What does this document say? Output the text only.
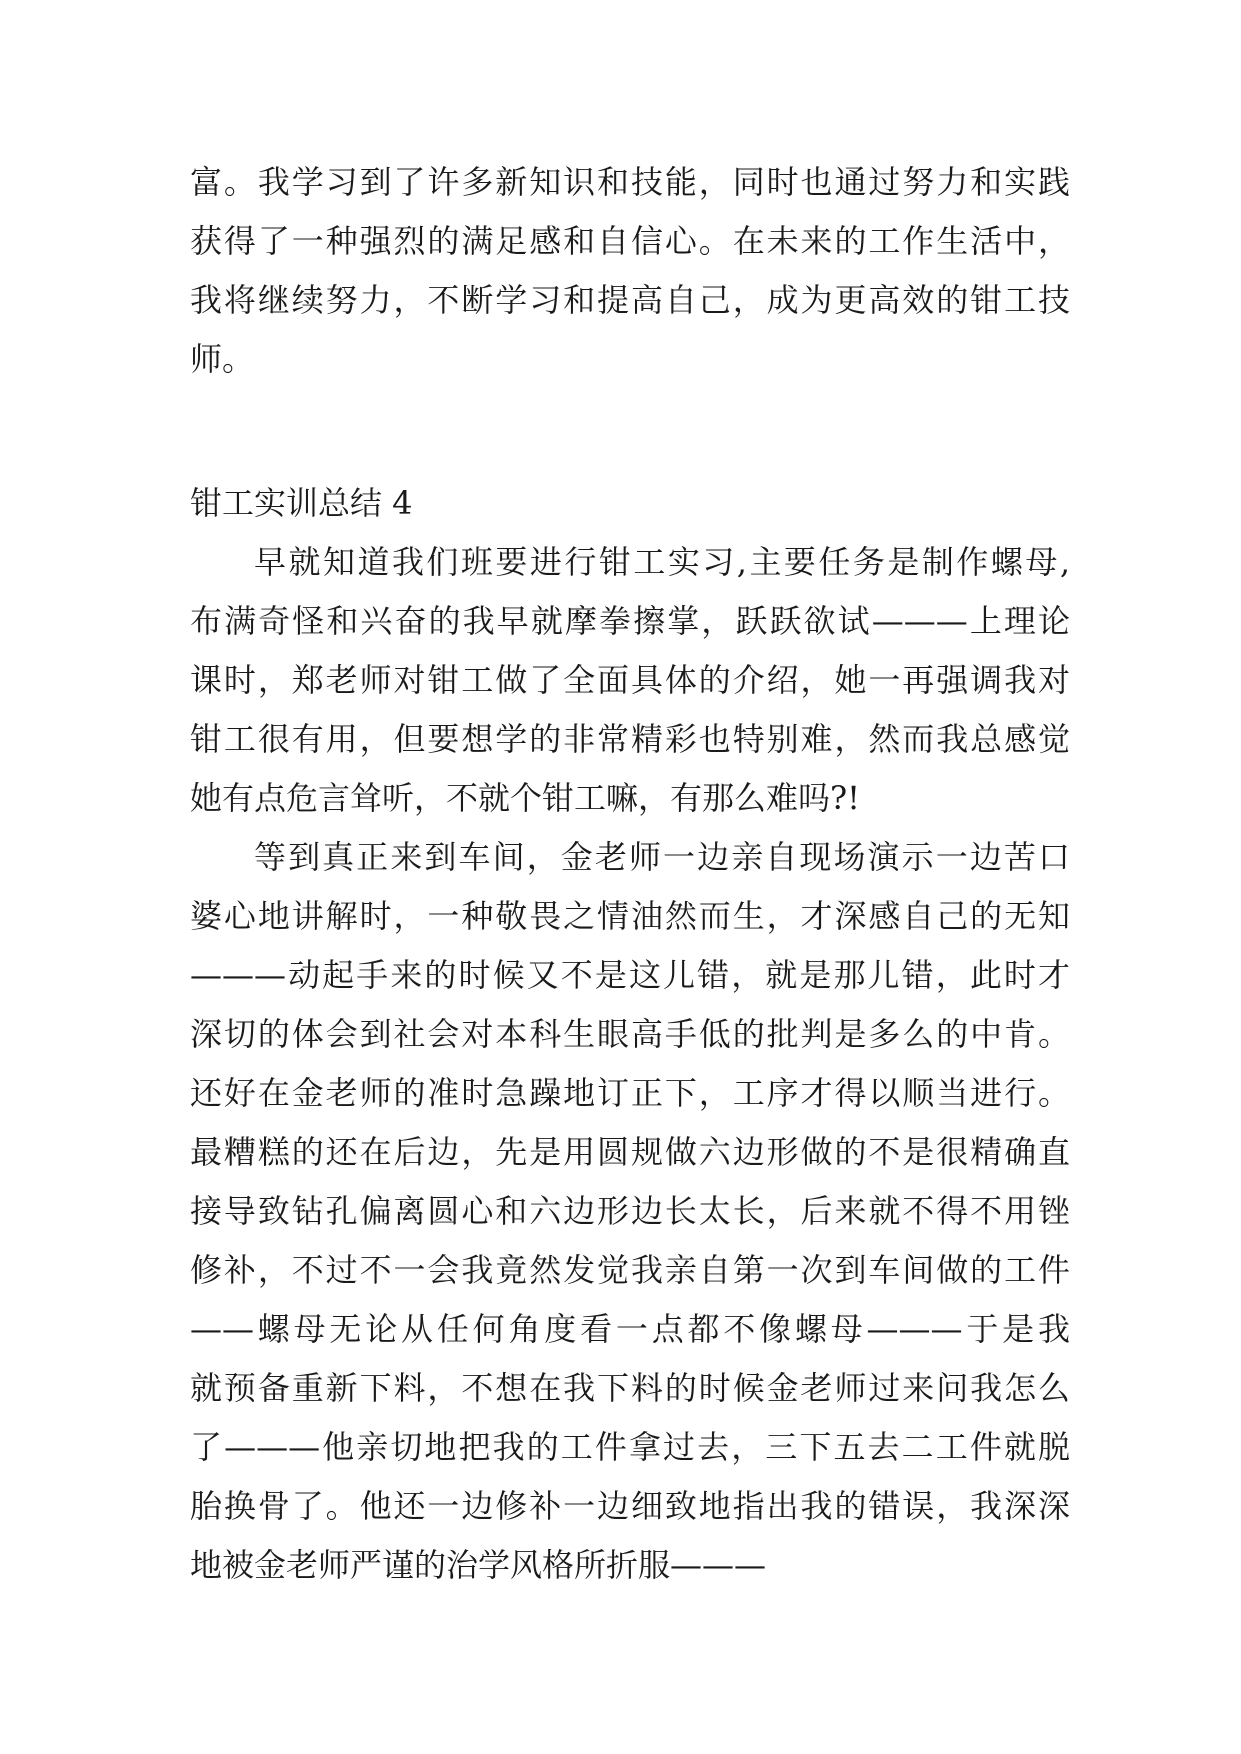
富。我学习到了许多新知识和技能，同时也通过努力和实践
获得了一种强烈的满足感和自信心。在未来的工作生活中，
我将继续努力，不断学习和提高自己，成为更高效的钳工技
师。
钳工实训总结 4
早就知道我们班要进行钳工实习,主要任务是制作螺母,
布满奇怪和兴奋的我早就摩拳擦掌，跃跃欲试———上理论
课时，郑老师对钳工做了全面具体的介绍，她一再强调我对
钳工很有用，但要想学的非常精彩也特别难，然而我总感觉
她有点危言耸听，不就个钳工嘛，有那么难吗?!
等到真正来到车间，金老师一边亲自现场演示一边苦口
婆心地讲解时，一种敬畏之情油然而生，才深感自己的无知
———动起手来的时候又不是这儿错，就是那儿错，此时才
深切的体会到社会对本科生眼高手低的批判是多么的中肯。
还好在金老师的准时急躁地订正下，工序才得以顺当进行。
最糟糕的还在后边，先是用圆规做六边形做的不是很精确直
接导致钻孔偏离圆心和六边形边长太长，后来就不得不用锉
修补，不过不一会我竟然发觉我亲自第一次到车间做的工件
——螺母无论从任何角度看一点都不像螺母———于是我
就预备重新下料，不想在我下料的时候金老师过来问我怎么
了———他亲切地把我的工件拿过去，三下五去二工件就脱
胎换骨了。他还一边修补一边细致地指出我的错误，我深深
地被金老师严谨的治学风格所折服———
